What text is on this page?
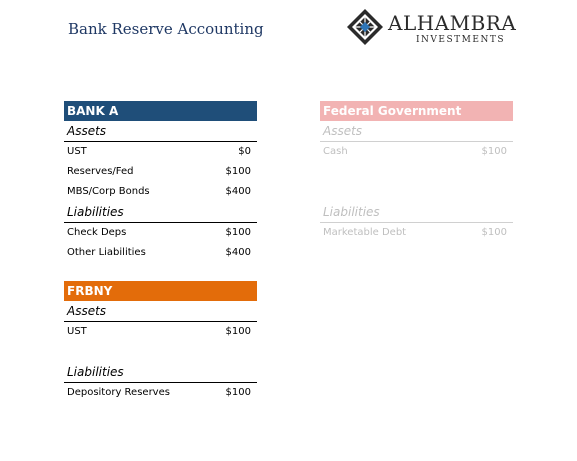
Bank Reserve Accounting	ALHAMBRA
INVESTMENTS
BANK A
Assets
UST	$0
Reserves/Fed	$100
MBS/Corp Bonds	$400
Liabilities
Check Deps	$100
Other Liabilities	$400
FRBNY
Assets
UST	$100
Liabilities
Depository Reserves	$100
Federal Government
Assets
Cash	$100
Liabilities
Marketable Debt	$100
